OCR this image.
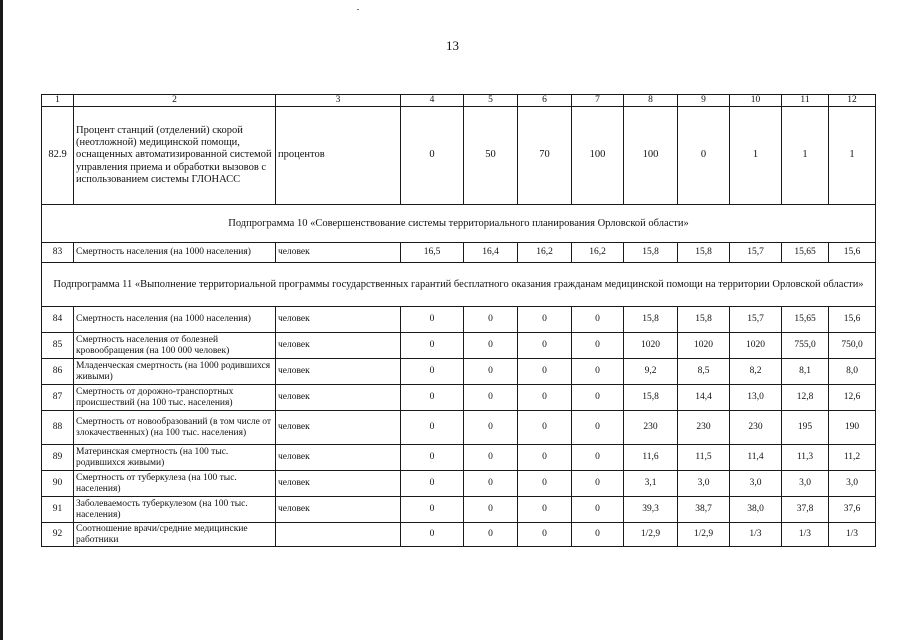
13
1	2	3	4	5	6	7	8	9	10	11	12
82.9	Процент станций (отделений) скорой (неотложной) медицинской помощи, оснащенных автоматизированной системой управления приема и обработки вызовов с использованием системы ГЛОНАСС	процентов	0	50	70	100	100	0	1	1	1
Подпрограмма 10 «Совершенствование системы территориального планирования Орловской области»											
83	Смертность населения (на 1000 населения)	человек	16,5	16,4	16,2	16,2	15,8	15,8	15,7	15,65	15,6
Подпрограмма 11 «Выполнение территориальной программы государственных гарантий бесплатного оказания гражданам медицинской помощи на территории Орловской области»											
84	Смертность населения (на 1000 населения)	человек	0	0	0	0	15,8	15,8	15,7	15,65	15,6
85	Смертность населения от болезней кровообращения (на 100 000 человек)	человек	0	0	0	0	1020	1020	1020	755,0	750,0
86	Младенческая смертность (на 1000 родившихся живыми)	человек	0	0	0	0	9,2	8,5	8,2	8,1	8,0
87	Смертность от дорожно-транспортных происшествий (на 100 тыс. населения)	человек	0	0	0	0	15,8	14,4	13,0	12,8	12,6
88	Смертность от новообразований (в том числе от злокачественных) (на 100 тыс. населения)	человек	0	0	0	0	230	230	230	195	190
89	Материнская смертность (на 100 тыс. родившихся живыми)	человек	0	0	0	0	11,6	11,5	11,4	11,3	11,2
90	Смертность от туберкулеза (на 100 тыс. населения)	человек	0	0	0	0	3,1	3,0	3,0	3,0	3,0
91	Заболеваемость туберкулезом (на 100 тыс. населения)	человек	0	0	0	0	39,3	38,7	38,0	37,8	37,6
92	Соотношение врачи/средние медицинские работники		0	0	0	0	1/2,9	1/2,9	1/3	1/3	1/3
